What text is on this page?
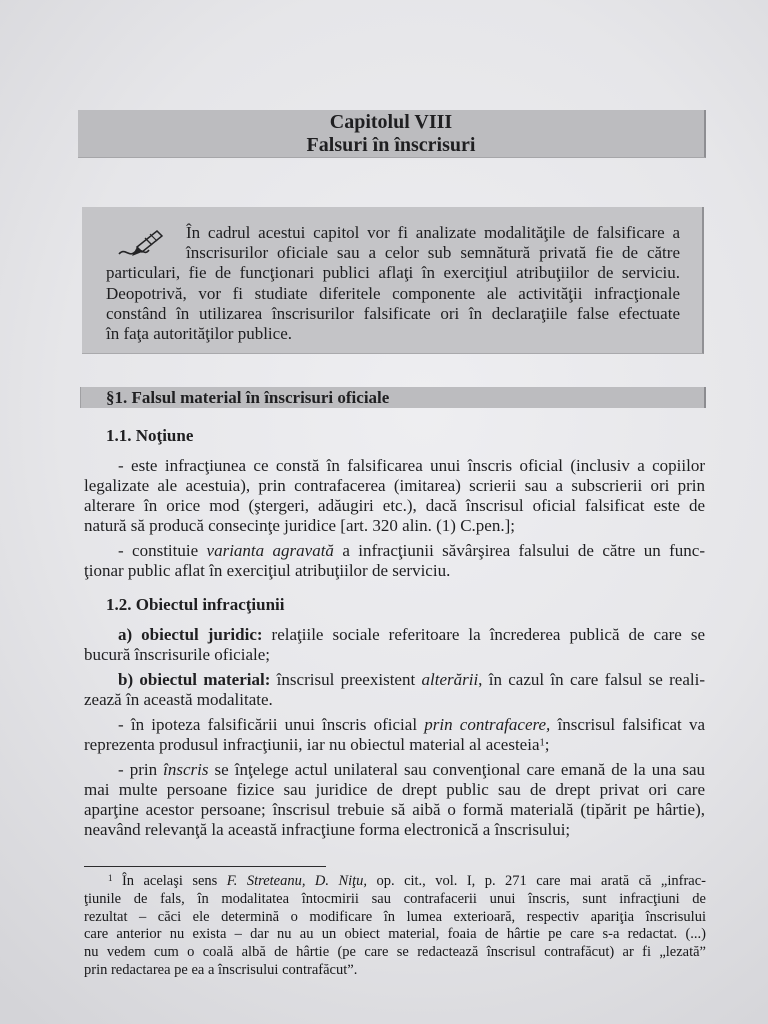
Capitolul VIII
Falsuri în înscrisuri
În cadrul acestui capitol vor fi analizate modalităţile de falsificare a
înscrisurilor oficiale sau a celor sub semnătură privată fie de către
particulari, fie de funcţionari publici aflaţi în exerciţiul atribuţiilor de serviciu.
Deopotrivă, vor fi studiate diferitele componente ale activităţii infracţionale
constând în utilizarea înscrisurilor falsificate ori în declaraţiile false efectuate
în faţa autorităţilor publice.
§1. Falsul material în înscrisuri oficiale
1.1. Noţiune
- este infracţiunea ce constă în falsificarea unui înscris oficial (inclusiv a copiilor
legalizate ale acestuia), prin contrafacerea (imitarea) scrierii sau a subscrierii ori prin
alterare în orice mod (ştergeri, adăugiri etc.), dacă înscrisul oficial falsificat este de
natură să producă consecinţe juridice [art. 320 alin. (1) C.pen.];
- constituie varianta agravată a infracţiunii săvârşirea falsului de către un func-
ţionar public aflat în exerciţiul atribuţiilor de serviciu.
1.2. Obiectul infracţiunii
a) obiectul juridic: relaţiile sociale referitoare la încrederea publică de care se
bucură înscrisurile oficiale;
b) obiectul material: înscrisul preexistent alterării, în cazul în care falsul se reali-
zează în această modalitate.
- în ipoteza falsificării unui înscris oficial prin contrafacere, înscrisul falsificat va
reprezenta produsul infracţiunii, iar nu obiectul material al acesteia$^1$;
- prin înscris se înţelege actul unilateral sau convenţional care emană de la una sau
mai multe persoane fizice sau juridice de drept public sau de drept privat ori care
aparţine acestor persoane; înscrisul trebuie să aibă o formă materială (tipărit pe hârtie),
neavând relevanţă la această infracţiune forma electronică a înscrisului;
$^1$ În acelaşi sens F. Streteanu, D. Niţu, op. cit., vol. I, p. 271 care mai arată că „infrac-
ţiunile de fals, în modalitatea întocmirii sau contrafacerii unui înscris, sunt infracţiuni de
rezultat – căci ele determină o modificare în lumea exterioară, respectiv apariţia înscrisului
care anterior nu exista – dar nu au un obiect material, foaia de hârtie pe care s-a redactat. (...)
nu vedem cum o coală albă de hârtie (pe care se redactează înscrisul contrafăcut) ar fi „lezată”
prin redactarea pe ea a înscrisului contrafăcut”.
